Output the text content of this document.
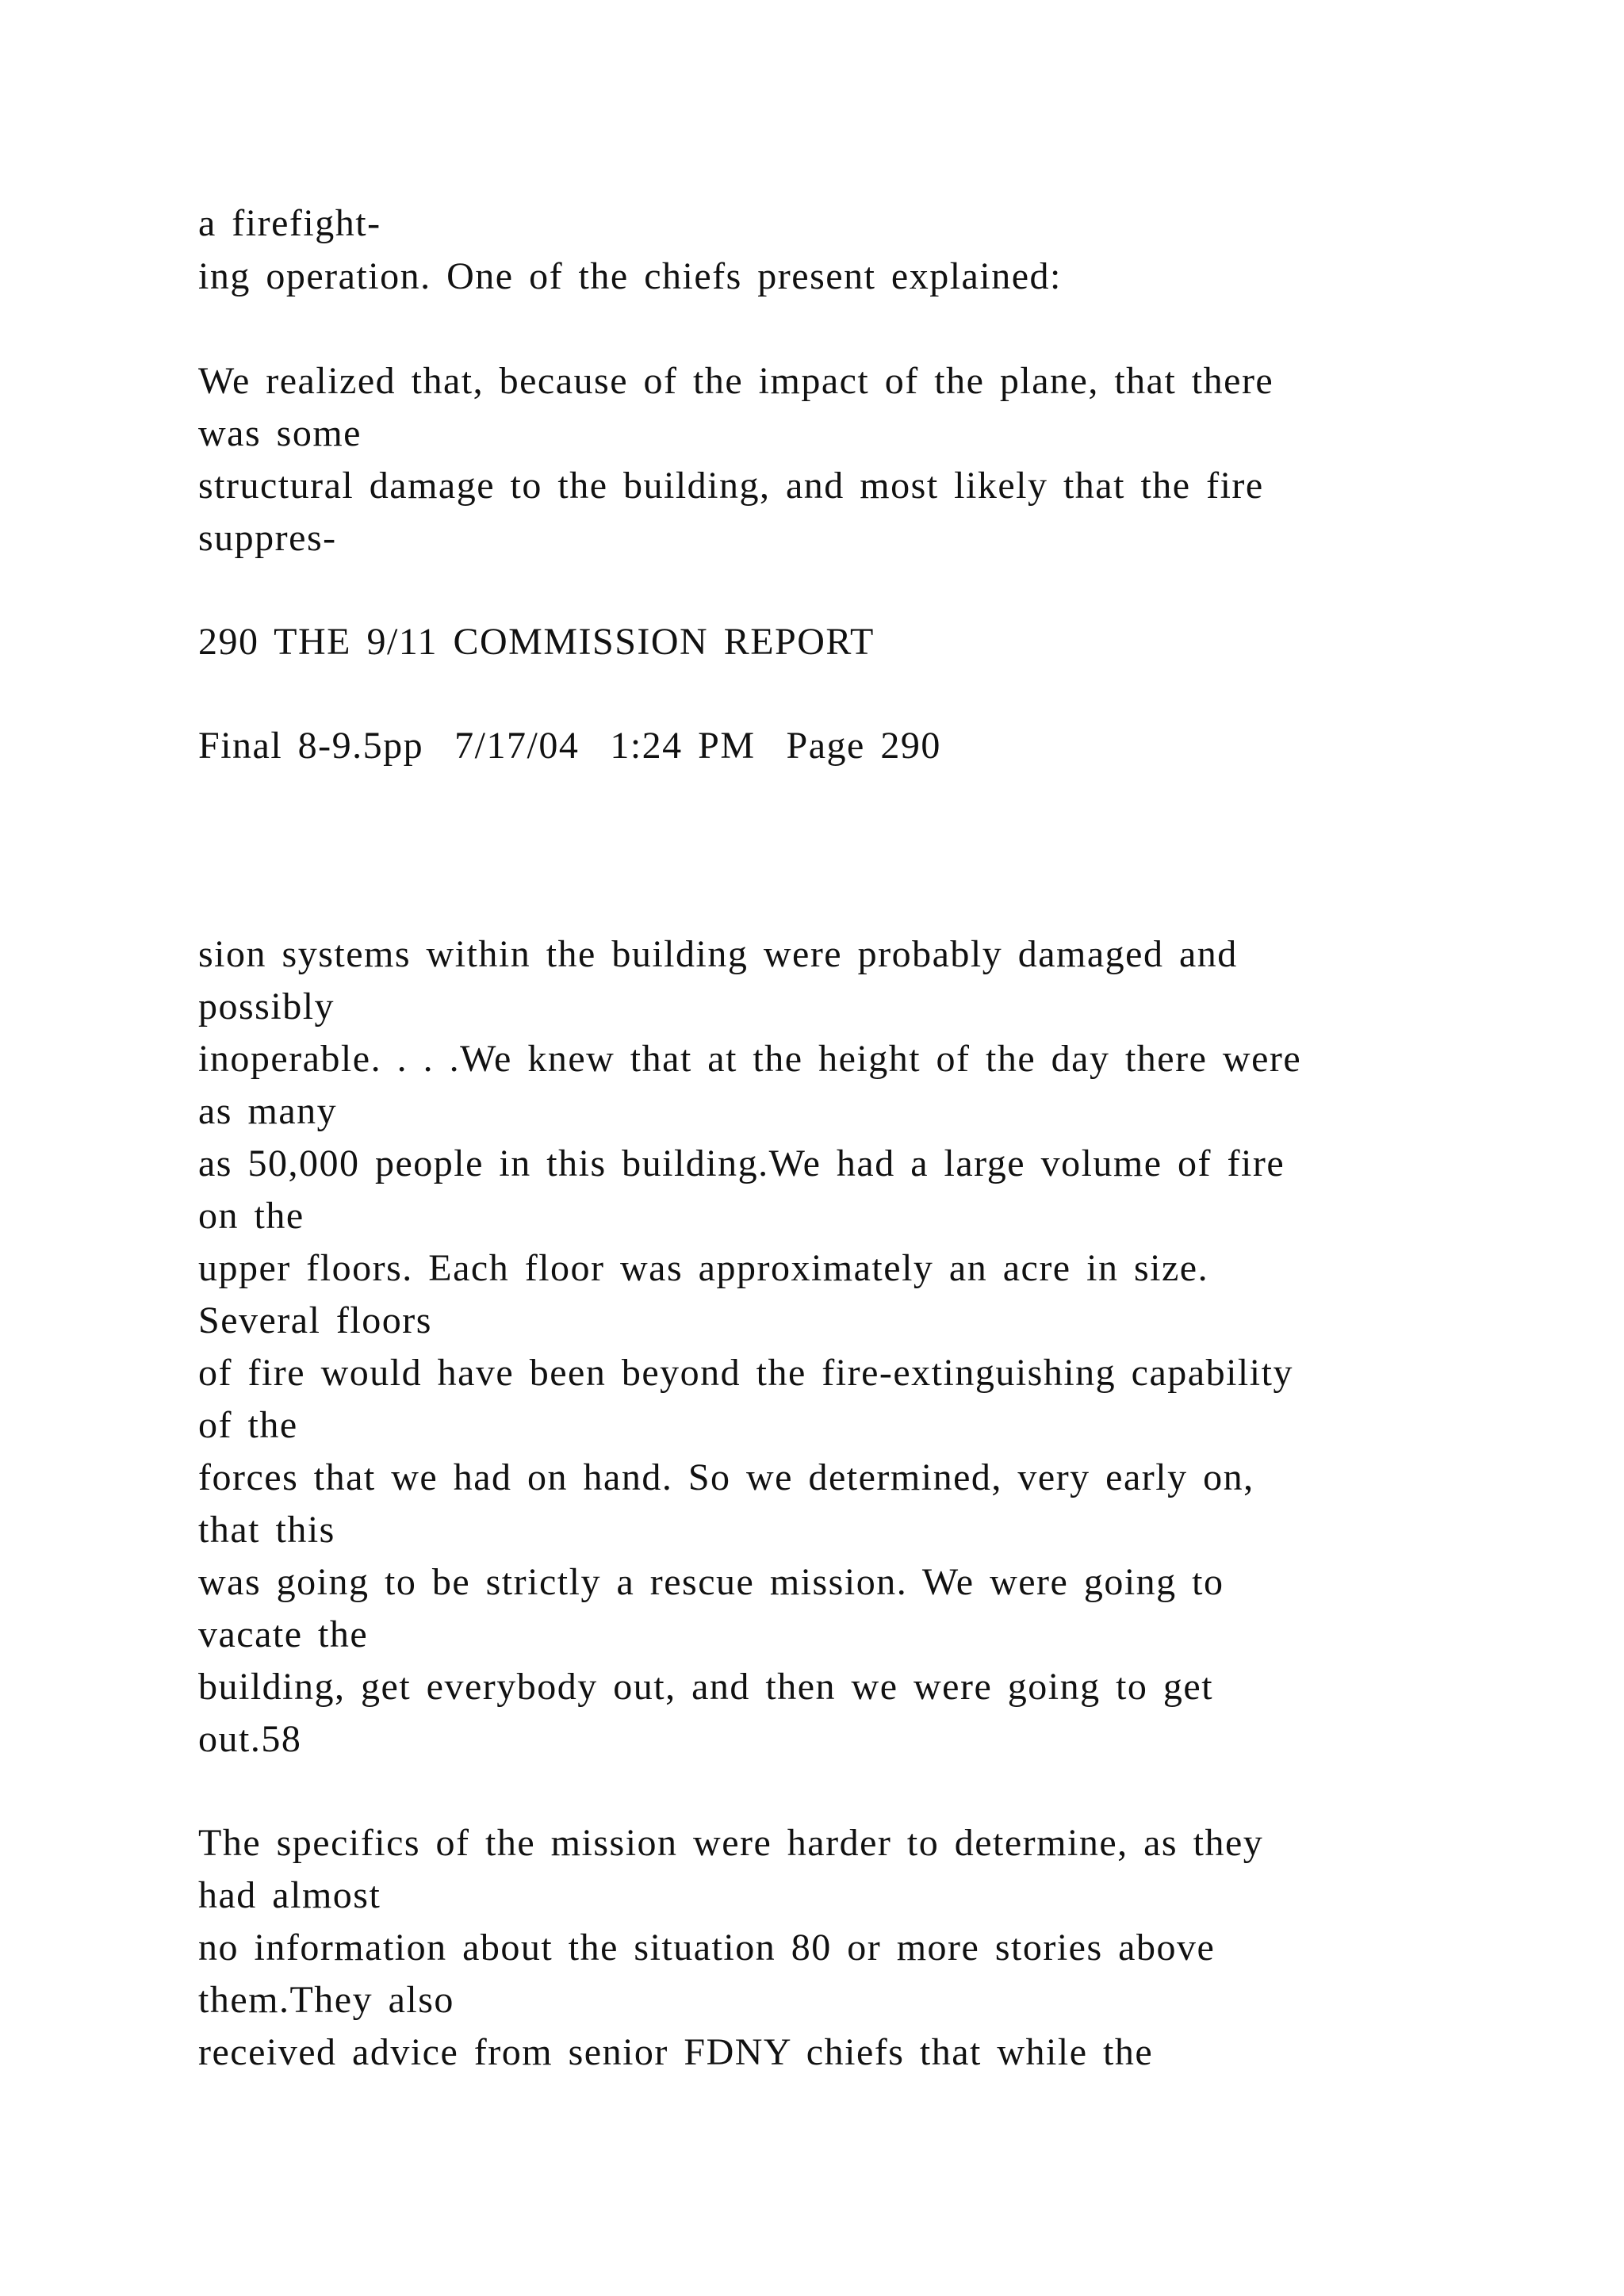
a firefight-
ing operation. One of the chiefs present explained:
We realized that, because of the impact of the plane, that there
was some
structural damage to the building, and most likely that the fire
suppres-
290 THE 9/11 COMMISSION REPORT
Final 8-9.5pp  7/17/04  1:24 PM  Page 290
sion systems within the building were probably damaged and
possibly
inoperable. . . .We knew that at the height of the day there were
as many
as 50,000 people in this building.We had a large volume of fire
on the
upper floors. Each floor was approximately an acre in size.
Several floors
of fire would have been beyond the fire-extinguishing capability
of the
forces that we had on hand. So we determined, very early on,
that this
was going to be strictly a rescue mission. We were going to
vacate the
building, get everybody out, and then we were going to get
out.58
The specifics of the mission were harder to determine, as they
had almost
no information about the situation 80 or more stories above
them.They also
received advice from senior FDNY chiefs that while the
